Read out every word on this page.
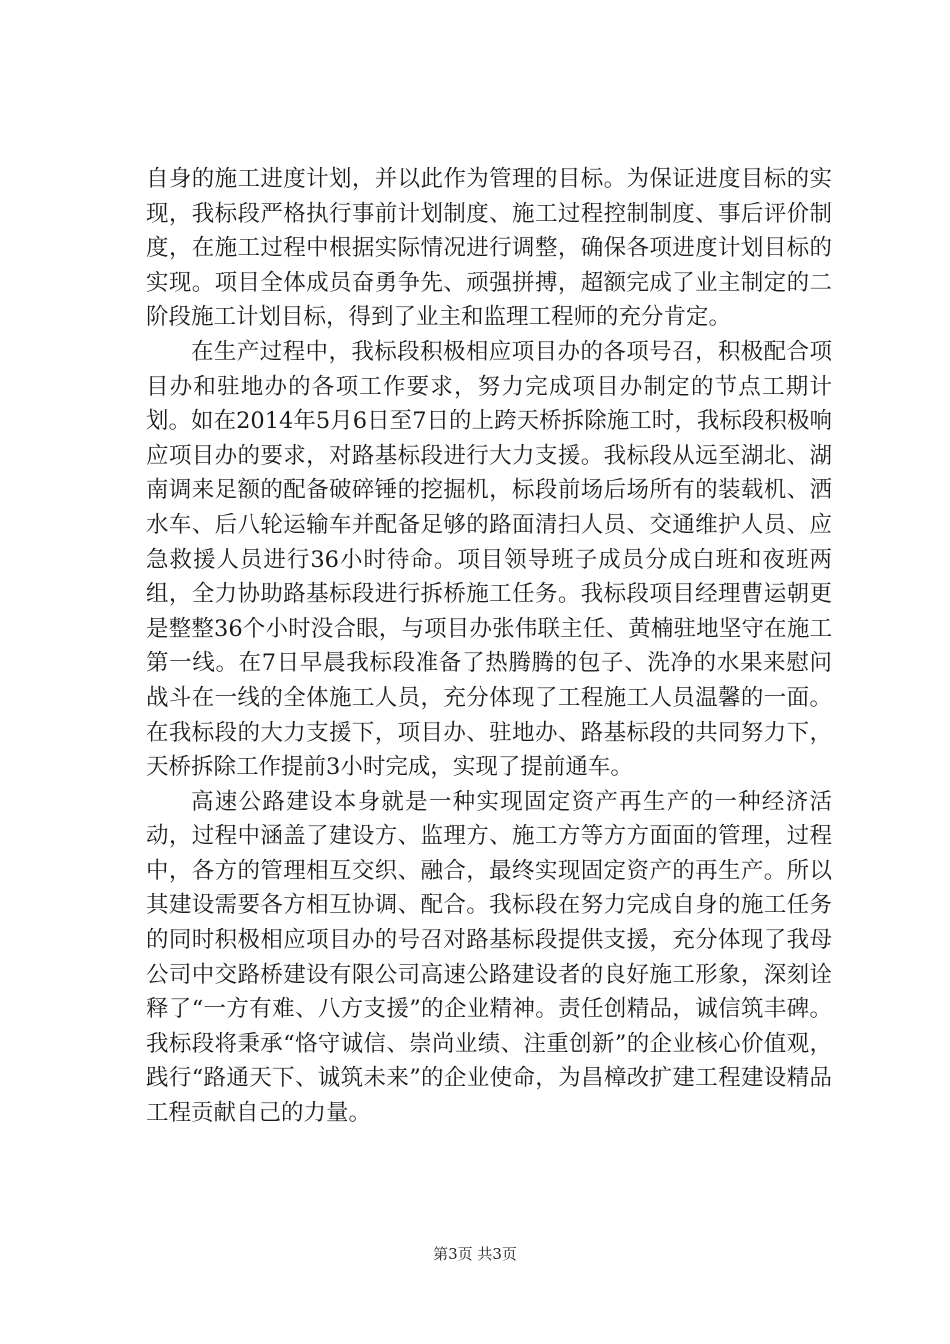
自身的施工进度计划，并以此作为管理的目标。为保证进度目标的实现，我标段严格执行事前计划制度、施工过程控制制度、事后评价制度，在施工过程中根据实际情况进行调整，确保各项进度计划目标的实现。项目全体成员奋勇争先、顽强拼搏，超额完成了业主制定的二阶段施工计划目标，得到了业主和监理工程师的充分肯定。

在生产过程中，我标段积极相应项目办的各项号召，积极配合项目办和驻地办的各项工作要求，努力完成项目办制定的节点工期计划。如在2014年5月6日至7日的上跨天桥拆除施工时，我标段积极响应项目办的要求，对路基标段进行大力支援。我标段从远至湖北、湖南调来足额的配备破碎锤的挖掘机，标段前场后场所有的装载机、洒水车、后八轮运输车并配备足够的路面清扫人员、交通维护人员、应急救援人员进行36小时待命。项目领导班子成员分成白班和夜班两组，全力协助路基标段进行拆桥施工任务。我标段项目经理曹运朝更是整整36个小时没合眼，与项目办张伟联主任、黄楠驻地坚守在施工第一线。在7日早晨我标段准备了热腾腾的包子、洗净的水果来慰问战斗在一线的全体施工人员，充分体现了工程施工人员温馨的一面。在我标段的大力支援下，项目办、驻地办、路基标段的共同努力下，天桥拆除工作提前3小时完成，实现了提前通车。

高速公路建设本身就是一种实现固定资产再生产的一种经济活动，过程中涵盖了建设方、监理方、施工方等方方面面的管理，过程中，各方的管理相互交织、融合，最终实现固定资产的再生产。所以其建设需要各方相互协调、配合。我标段在努力完成自身的施工任务的同时积极相应项目办的号召对路基标段提供支援，充分体现了我母公司中交路桥建设有限公司高速公路建设者的良好施工形象，深刻诠释了“一方有难、八方支援”的企业精神。责任创精品，诚信筑丰碑。我标段将秉承“恪守诚信、崇尚业绩、注重创新”的企业核心价值观，践行“路通天下、诚筑未来”的企业使命，为昌樟改扩建工程建设精品工程贡献自己的力量。

第3页 共3页
